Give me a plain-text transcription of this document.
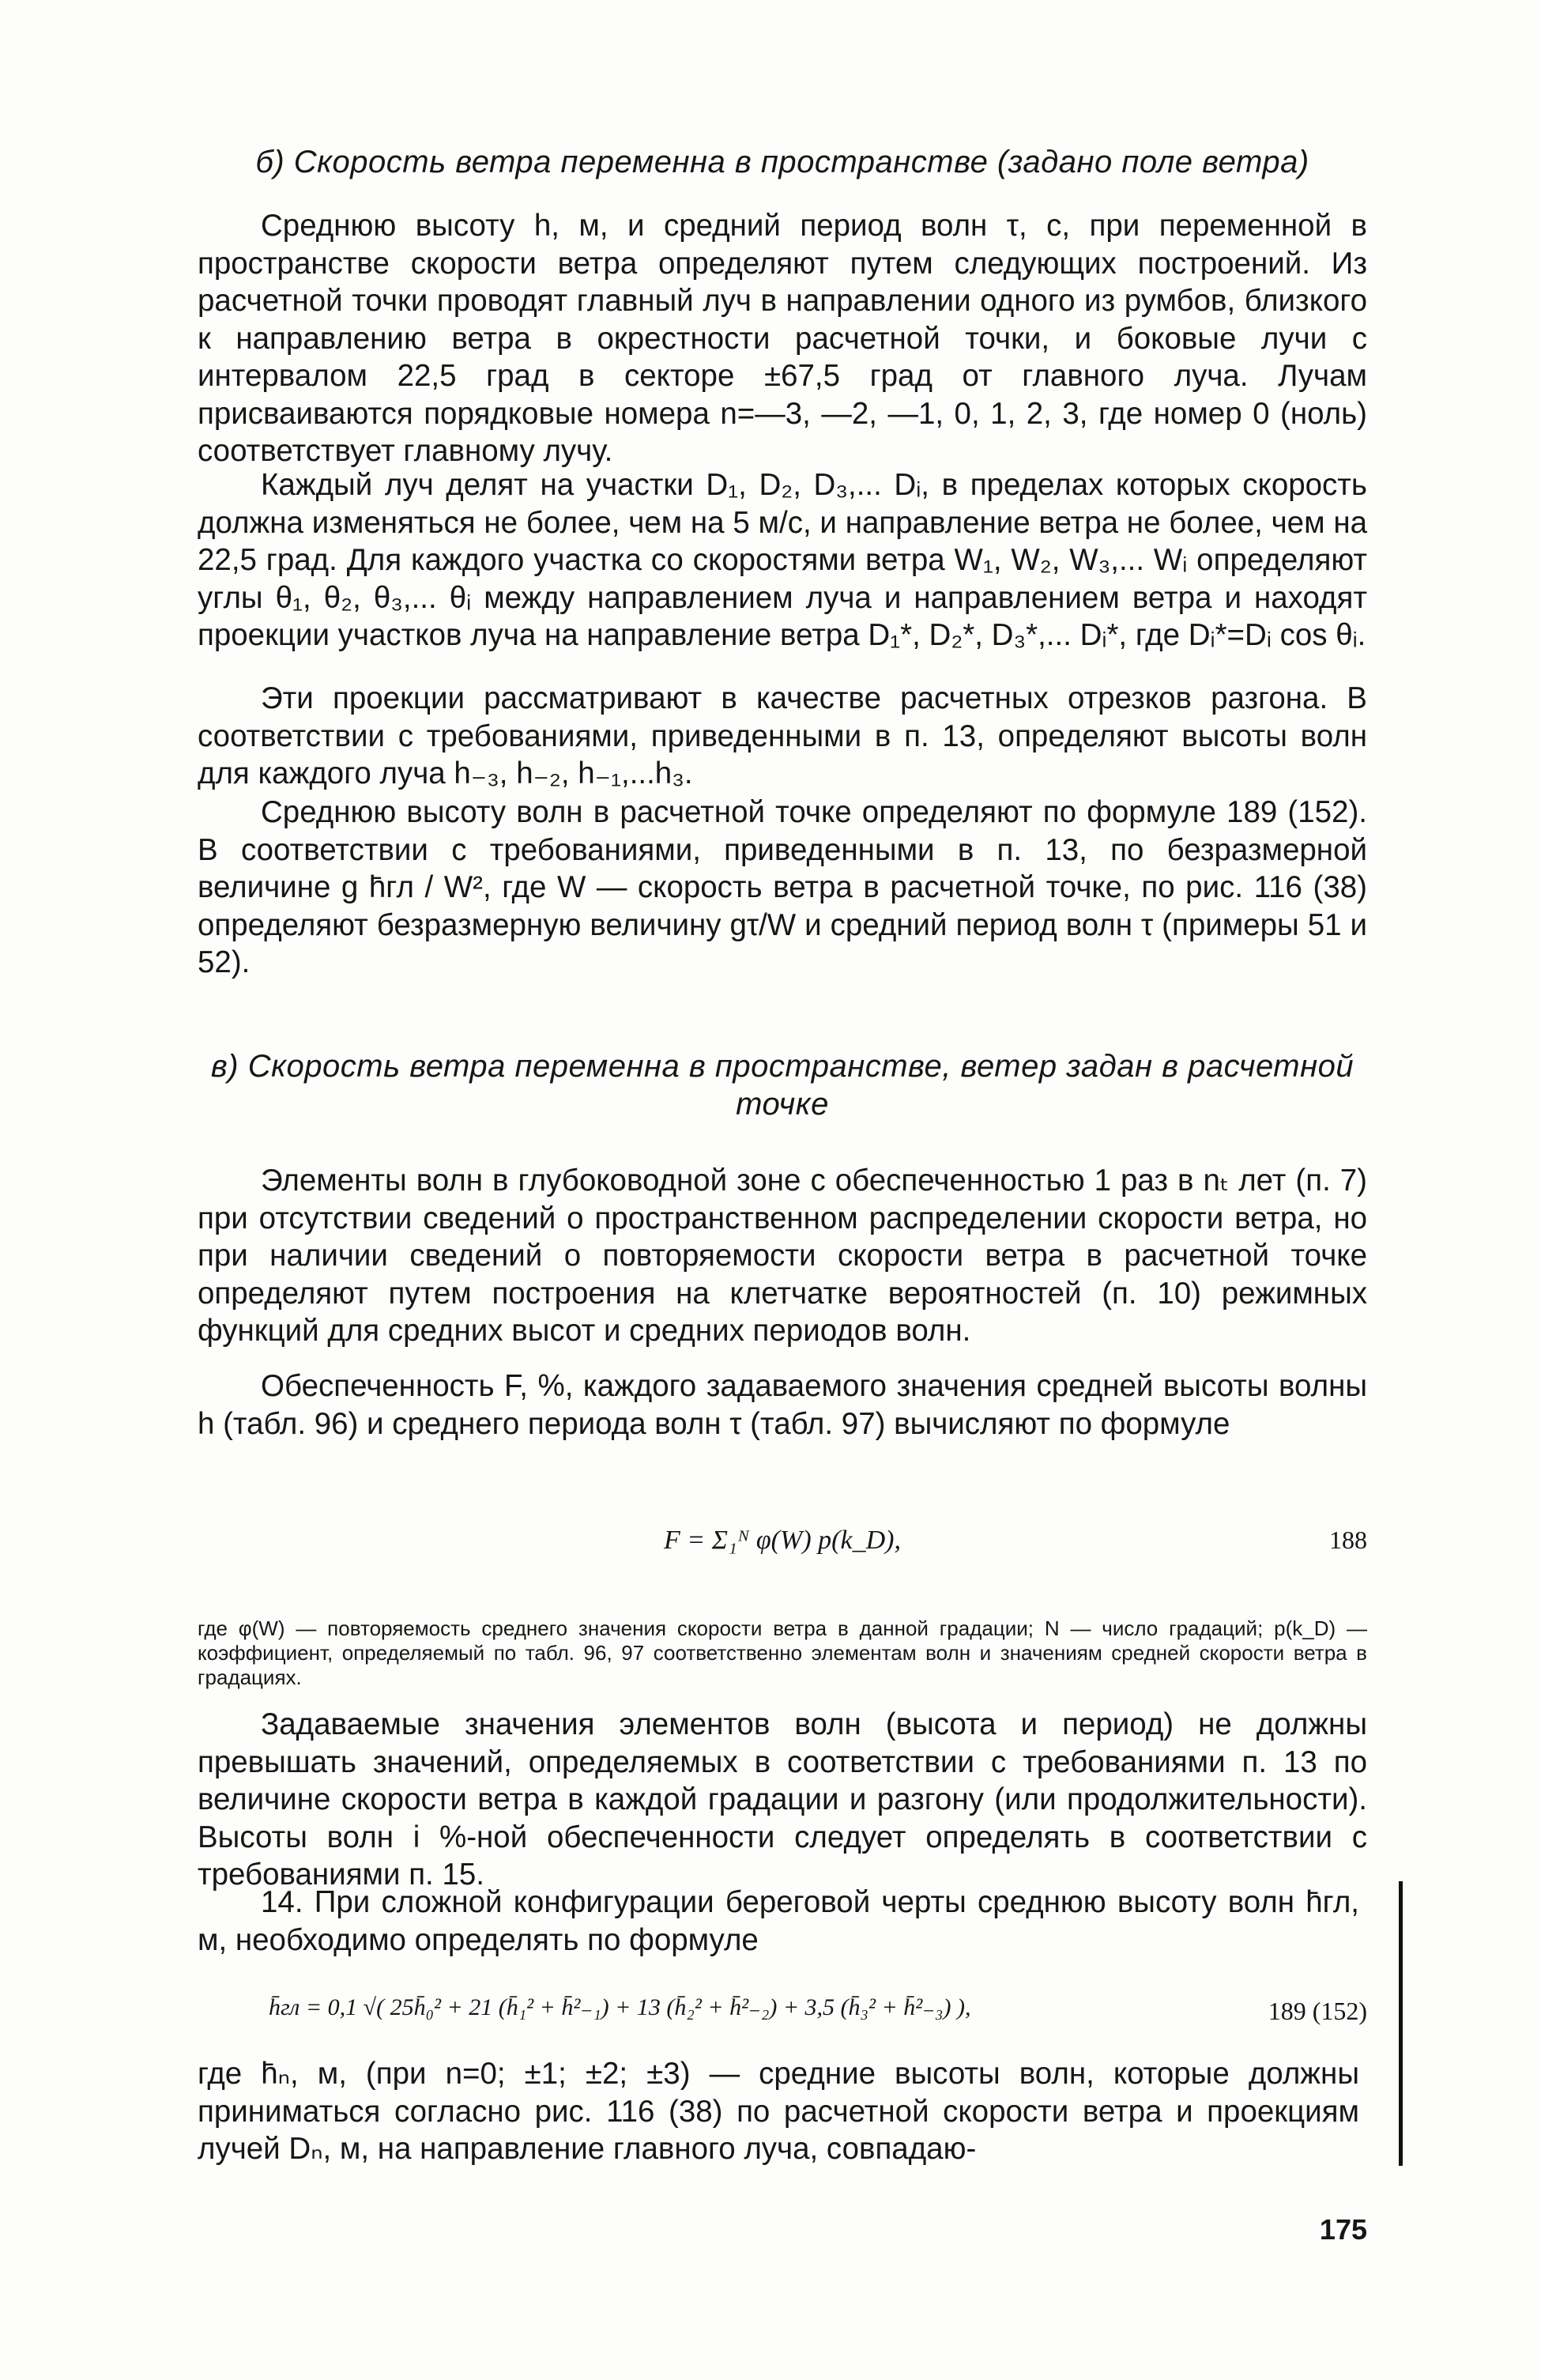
б) Скорость ветра переменна в пространстве (задано поле ветра)
Среднюю высоту h, м, и средний период волн τ, с, при переменной в пространстве скорости ветра определяют путем следующих построений. Из расчетной точки проводят главный луч в направлении одного из румбов, близкого к направлению ветра в окрестности расчетной точки, и боковые лучи с интервалом 22,5 град в секторе ±67,5 град от главного луча. Лучам присваиваются порядковые номера n=—3, —2, —1, 0, 1, 2, 3, где номер 0 (ноль) соответствует главному лучу.
Каждый луч делят на участки D₁, D₂, D₃,... Dᵢ, в пределах которых скорость должна изменяться не более, чем на 5 м/с, и направление ветра не более, чем на 22,5 град. Для каждого участка со скоростями ветра W₁, W₂, W₃,... Wᵢ определяют углы θ₁, θ₂, θ₃,... θᵢ между направлением луча и направлением ветра и находят проекции участков луча на направление ветра D₁*, D₂*, D₃*,... Dᵢ*, где Dᵢ*=Dᵢ cos θᵢ.
Эти проекции рассматривают в качестве расчетных отрезков разгона. В соответствии с требованиями, приведенными в п. 13, определяют высоты волн для каждого луча h₋₃, h₋₂, h₋₁,...h₃.
Среднюю высоту волн в расчетной точке определяют по формуле 189 (152). В соответствии с требованиями, приведенными в п. 13, по безразмерной величине g h̄гл / W², где W — скорость ветра в расчетной точке, по рис. 116 (38) определяют безразмерную величину gτ/W и средний период волн τ (примеры 51 и 52).
в) Скорость ветра переменна в пространстве, ветер задан в расчетной точке
Элементы волн в глубоководной зоне с обеспеченностью 1 раз в nₜ лет (п. 7) при отсутствии сведений о пространственном распределении скорости ветра, но при наличии сведений о повторяемости скорости ветра в расчетной точке определяют путем построения на клетчатке вероятностей (п. 10) режимных функций для средних высот и средних периодов волн.
Обеспеченность F, %, каждого задаваемого значения средней высоты волны h (табл. 96) и среднего периода волн τ (табл. 97) вычисляют по формуле
F = Σ₁ᴺ φ(W) p(k_D),	188
где φ(W) — повторяемость среднего значения скорости ветра в данной градации; N — число градаций; p(k_D) — коэффициент, определяемый по табл. 96, 97 соответственно элементам волн и значениям средней скорости ветра в градациях.
Задаваемые значения элементов волн (высота и период) не должны превышать значений, определяемых в соответствии с требованиями п. 13 по величине скорости ветра в каждой градации и разгону (или продолжительности). Высоты волн i %-ной обеспеченности следует определять в соответствии с требованиями п. 15.
14. При сложной конфигурации береговой черты среднюю высоту волн h̄гл, м, необходимо определять по формуле
h̄гл = 0,1 √( 25h̄₀² + 21 (h̄₁² + h̄²₋₁) + 13 (h̄₂² + h̄²₋₂) + 3,5 (h̄₃² + h̄²₋₃) ),	189 (152)
где h̄ₙ, м, (при n=0; ±1; ±2; ±3) — средние высоты волн, которые должны приниматься согласно рис. 116 (38) по расчетной скорости ветра и проекциям лучей Dₙ, м, на направление главного луча, совпадаю-
175
